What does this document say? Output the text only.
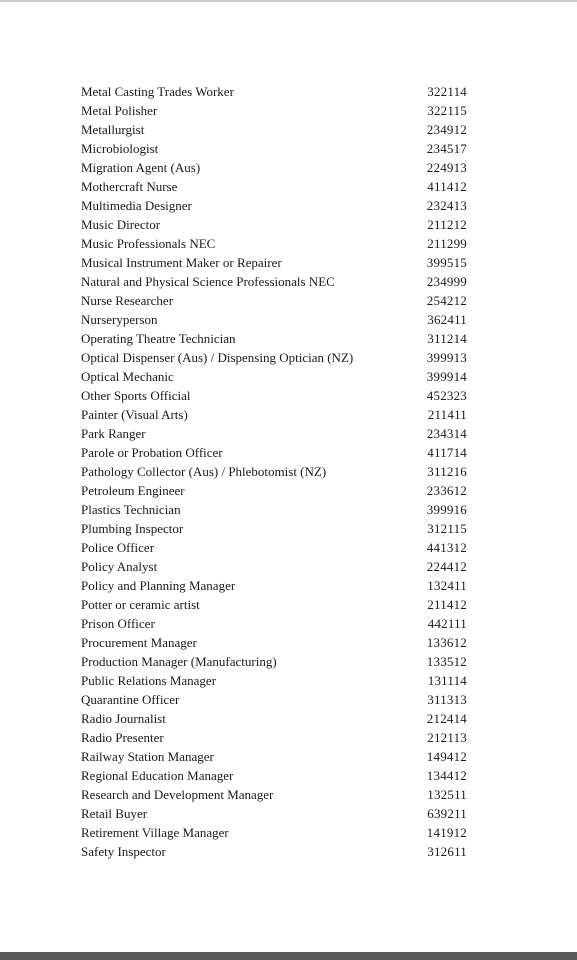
Metal Casting Trades Worker	322114
Metal Polisher	322115
Metallurgist	234912
Microbiologist	234517
Migration Agent (Aus)	224913
Mothercraft Nurse	411412
Multimedia Designer	232413
Music Director	211212
Music Professionals NEC	211299
Musical Instrument Maker or Repairer	399515
Natural and Physical Science Professionals NEC	234999
Nurse Researcher	254212
Nurseryperson	362411
Operating Theatre Technician	311214
Optical Dispenser (Aus) / Dispensing Optician (NZ)	399913
Optical Mechanic	399914
Other Sports Official	452323
Painter (Visual Arts)	211411
Park Ranger	234314
Parole or Probation Officer	411714
Pathology Collector (Aus) / Phlebotomist (NZ)	311216
Petroleum Engineer	233612
Plastics Technician	399916
Plumbing Inspector	312115
Police Officer	441312
Policy Analyst	224412
Policy and Planning Manager	132411
Potter or ceramic artist	211412
Prison Officer	442111
Procurement Manager	133612
Production Manager (Manufacturing)	133512
Public Relations Manager	131114
Quarantine Officer	311313
Radio Journalist	212414
Radio Presenter	212113
Railway Station Manager	149412
Regional Education Manager	134412
Research and Development Manager	132511
Retail Buyer	639211
Retirement Village Manager	141912
Safety Inspector	312611
